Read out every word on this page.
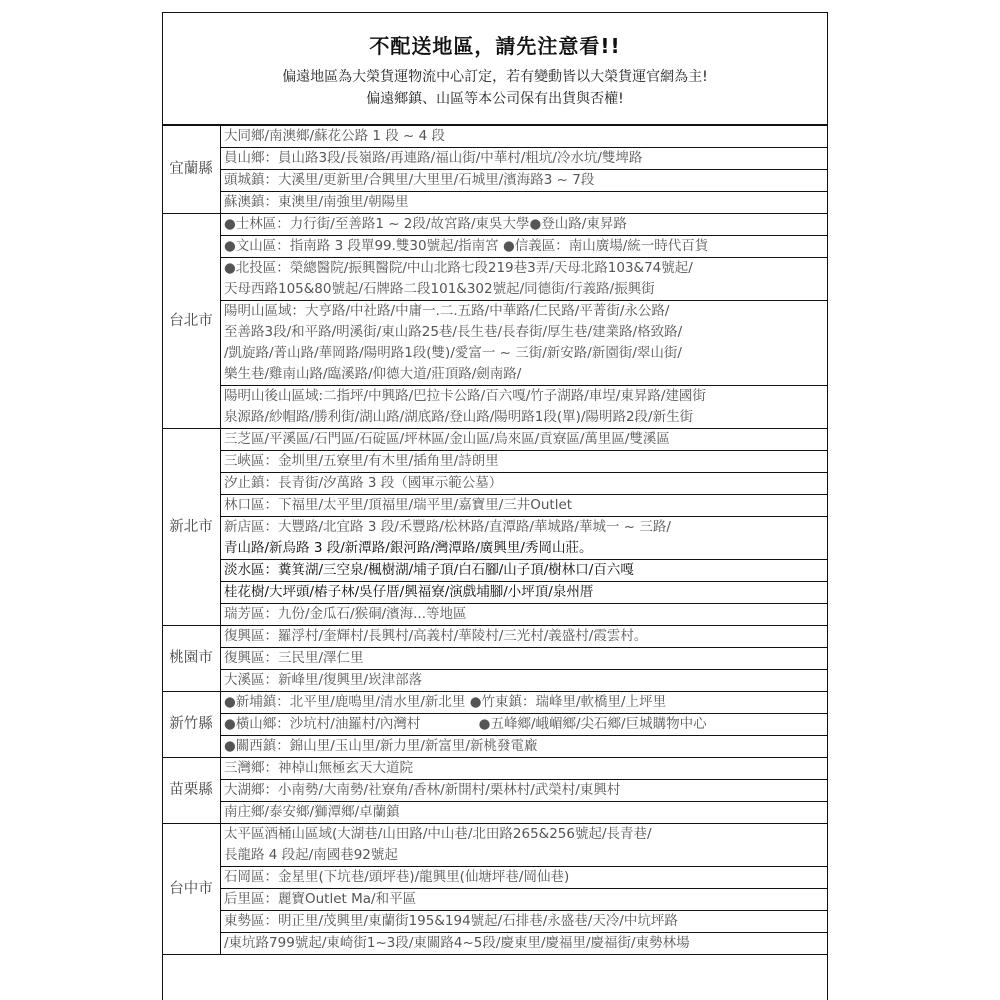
不配送地區，請先注意看!!
偏遠地區為大榮貨運物流中心訂定，若有變動皆以大榮貨運官網為主!
偏遠鄉鎮、山區等本公司保有出貨與否權!
宜蘭縣	大同鄉/南澳鄉/蘇花公路 1 段 ~ 4 段

	員山鄉：員山路3段/長嶺路/再連路/福山街/中華村/粗坑/冷水坑/雙埤路

	頭城鎮：大溪里/更新里/合興里/大里里/石城里/濱海路3 ~ 7段

	蘇澳鎮：東澳里/南強里/朝陽里

台北市	●士林區：力行街/至善路1 ~ 2段/故宮路/東吳大學●登山路/東昇路

	●文山區：指南路 3 段單99.雙30號起/指南宮 ●信義區：南山廣場/統一時代百貨

	●北投區：榮總醫院/振興醫院/中山北路七段219巷3弄/天母北路103&74號起/
天母西路105&80號起/石牌路二段101&302號起/同德街/行義路/振興街

	陽明山區域：大亨路/中社路/中庸一.二.五路/中華路/仁民路/平菁街/永公路/
至善路3段/和平路/明溪街/東山路25巷/長生巷/長春街/厚生巷/建業路/格致路/
/凱旋路/菁山路/華岡路/陽明路1段(雙)/愛富一 ~ 三街/新安路/新園街/翠山街/
樂生巷/雞南山路/臨溪路/仰德大道/莊頂路/劍南路/

	陽明山後山區域:二指坪/中興路/巴拉卡公路/百六嘎/竹子湖路/車埕/東昇路/建國街
泉源路/紗帽路/勝利街/湖山路/湖底路/登山路/陽明路1段(單)/陽明路2段/新生街

新北市	三芝區/平溪區/石門區/石碇區/坪林區/金山區/烏來區/貢寮區/萬里區/雙溪區

	三峽區：金圳里/五寮里/有木里/插角里/詩朗里

	汐止鎮：長青街/汐萬路 3 段（國軍示範公墓）

	林口區：下福里/太平里/頂福里/瑞平里/嘉寶里/三井Outlet

	新店區：大豐路/北宜路 3 段/禾豐路/松林路/直潭路/華城路/華城一 ~ 三路/
青山路/新烏路 3 段/新潭路/銀河路/灣潭路/廣興里/秀岡山莊。

	淡水區：糞箕湖/三空泉/楓樹湖/埔子頂/白石腳/山子頂/樹林口/百六嘎

	桂花樹/大坪頭/樁子林/吳仔厝/興福寮/演戲埔腳/小坪頂/泉州厝

	瑞芳區：九份/金瓜石/猴硐/濱海...等地區

桃園市	復興區：羅浮村/奎輝村/長興村/高義村/華陵村/三光村/義盛村/霞雲村。

	復興區：三民里/澤仁里

	大溪區：新峰里/復興里/崁津部落

新竹縣	●新埔鎮：北平里/鹿鳴里/清水里/新北里 ●竹東鎮：瑞峰里/軟橋里/上坪里

	●橫山鄉：沙坑村/油羅村/內灣村 　　　　●五峰鄉/峨嵋鄉/尖石鄉/巨城購物中心

	●關西鎮：錦山里/玉山里/新力里/新富里/新桃發電廠

苗栗縣	三灣鄉：神棹山無極玄天大道院

	大湖鄉：小南勢/大南勢/社寮角/香林/新開村/栗林村/武榮村/東興村

	南庄鄉/泰安鄉/獅潭鄉/卓蘭鎮

台中市	太平區酒桶山區域(大湖巷/山田路/中山巷/北田路265&256號起/長青巷/
長龍路 4 段起/南國巷92號起

	石岡區：金星里(下坑巷/頭坪巷)/龍興里(仙塘坪巷/岡仙巷)

	后里區：麗寶Outlet Ma/和平區

	東勢區：明正里/茂興里/東蘭街195&194號起/石排巷/永盛巷/天冷/中坑坪路

	/東坑路799號起/東崎街1~3段/東關路4~5段/慶東里/慶福里/慶福街/東勢林場
